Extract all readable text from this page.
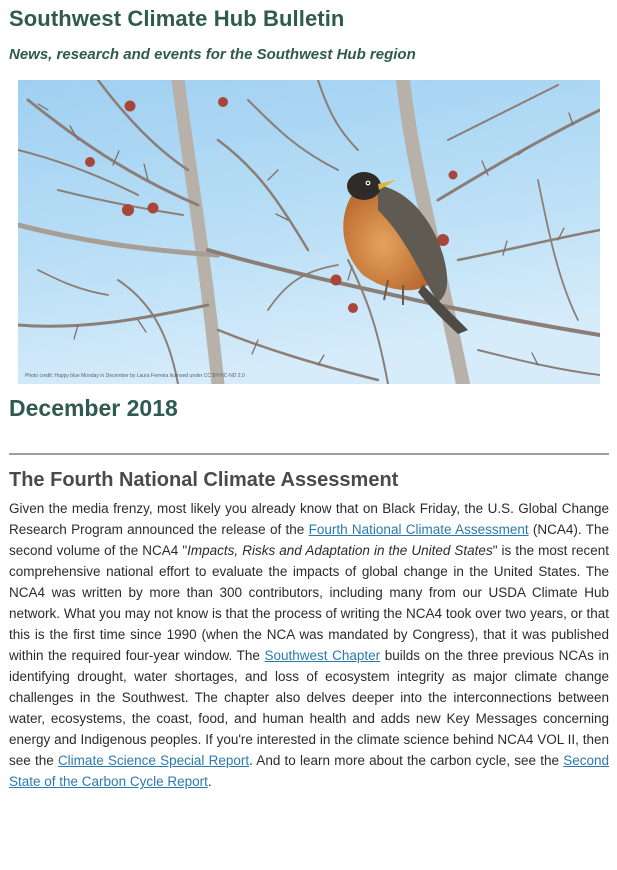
Southwest Climate Hub Bulletin
News, research and events for the Southwest Hub region
Photo credit: Happy blue Monday in December by Laura Ferreira licensed under CC BY-NC-ND 2.0
December 2018
The Fourth National Climate Assessment
Given the media frenzy, most likely you already know that on Black Friday, the U.S. Global Change Research Program announced the release of the Fourth National Climate Assessment (NCA4). The second volume of the NCA4 "Impacts, Risks and Adaptation in the United States" is the most recent comprehensive national effort to evaluate the impacts of global change in the United States. The NCA4 was written by more than 300 contributors, including many from our USDA Climate Hub network. What you may not know is that the process of writing the NCA4 took over two years, or that this is the first time since 1990 (when the NCA was mandated by Congress), that it was published within the required four-year window. The Southwest Chapter builds on the three previous NCAs in identifying drought, water shortages, and loss of ecosystem integrity as major climate change challenges in the Southwest. The chapter also delves deeper into the interconnections between water, ecosystems, the coast, food, and human health and adds new Key Messages concerning energy and Indigenous peoples. If you're interested in the climate science behind NCA4 VOL II, then see the Climate Science Special Report. And to learn more about the carbon cycle, see the Second State of the Carbon Cycle Report.
